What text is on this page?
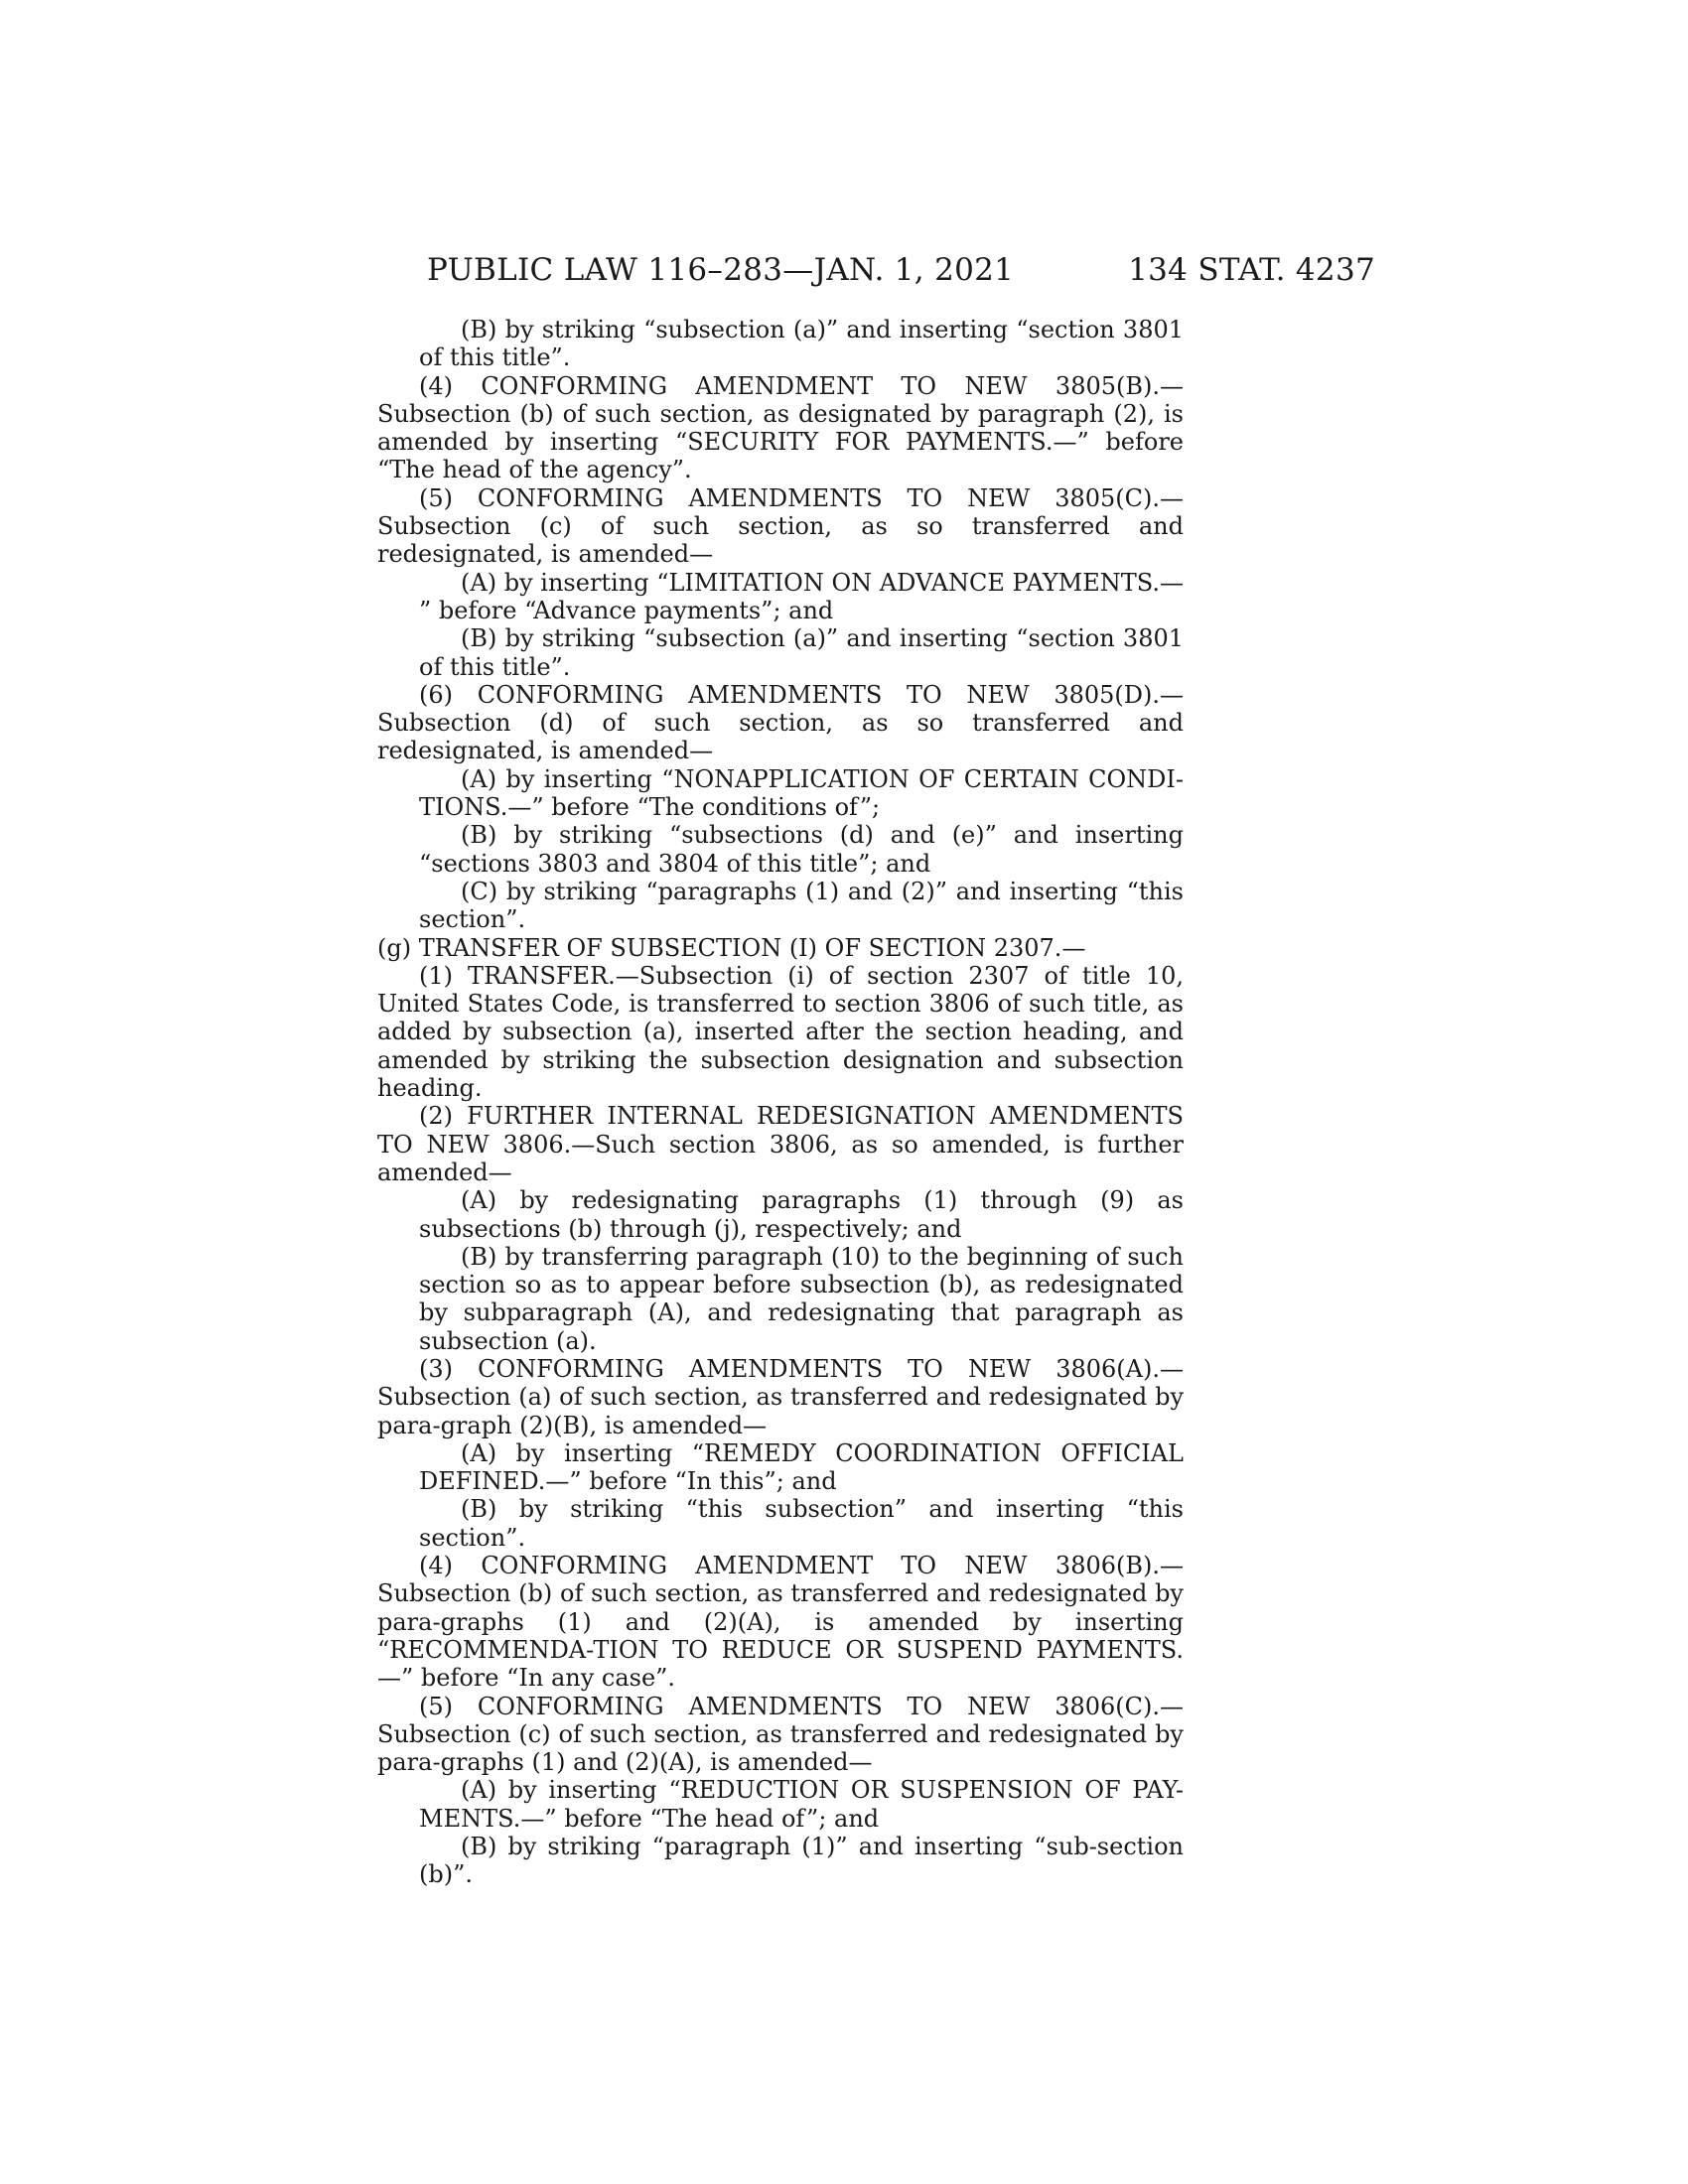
PUBLIC LAW 116–283—JAN. 1, 2021	134 STAT. 4237

(B) by striking “subsection (a)” and inserting “section 3801 of this title”.

(4) CONFORMING AMENDMENT TO NEW 3805(B).—Subsection (b) of such section, as designated by paragraph (2), is amended by inserting “SECURITY FOR PAYMENTS.—” before “The head of the agency”.

(5) CONFORMING AMENDMENTS TO NEW 3805(C).—Subsection (c) of such section, as so transferred and redesignated, is amended—

(A) by inserting “LIMITATION ON ADVANCE PAYMENTS.— ” before “Advance payments”; and

(B) by striking “subsection (a)” and inserting “section 3801 of this title”.

(6) CONFORMING AMENDMENTS TO NEW 3805(D).—Subsection (d) of such section, as so transferred and redesignated, is amended—

(A) by inserting “NONAPPLICATION OF CERTAIN CONDI-TIONS.—” before “The conditions of”;

(B) by striking “subsections (d) and (e)” and inserting “sections 3803 and 3804 of this title”; and

(C) by striking “paragraphs (1) and (2)” and inserting “this section”.

(g) TRANSFER OF SUBSECTION (I) OF SECTION 2307.—

(1) TRANSFER.—Subsection (i) of section 2307 of title 10, United States Code, is transferred to section 3806 of such title, as added by subsection (a), inserted after the section heading, and amended by striking the subsection designation and subsection heading.

(2) FURTHER INTERNAL REDESIGNATION AMENDMENTS TO NEW 3806.—Such section 3806, as so amended, is further amended—

(A) by redesignating paragraphs (1) through (9) as subsections (b) through (j), respectively; and

(B) by transferring paragraph (10) to the beginning of such section so as to appear before subsection (b), as redesignated by subparagraph (A), and redesignating that paragraph as subsection (a).

(3) CONFORMING AMENDMENTS TO NEW 3806(A).—Subsection (a) of such section, as transferred and redesignated by para-graph (2)(B), is amended—

(A) by inserting “REMEDY COORDINATION OFFICIAL DEFINED.—” before “In this”; and

(B) by striking “this subsection” and inserting “this section”.

(4) CONFORMING AMENDMENT TO NEW 3806(B).—Subsection (b) of such section, as transferred and redesignated by para-graphs (1) and (2)(A), is amended by inserting “RECOMMENDA-TION TO REDUCE OR SUSPEND PAYMENTS.—” before “In any case”.

(5) CONFORMING AMENDMENTS TO NEW 3806(C).—Subsection (c) of such section, as transferred and redesignated by para-graphs (1) and (2)(A), is amended—

(A) by inserting “REDUCTION OR SUSPENSION OF PAY-MENTS.—” before “The head of”; and

(B) by striking “paragraph (1)” and inserting “sub-section (b)”.
